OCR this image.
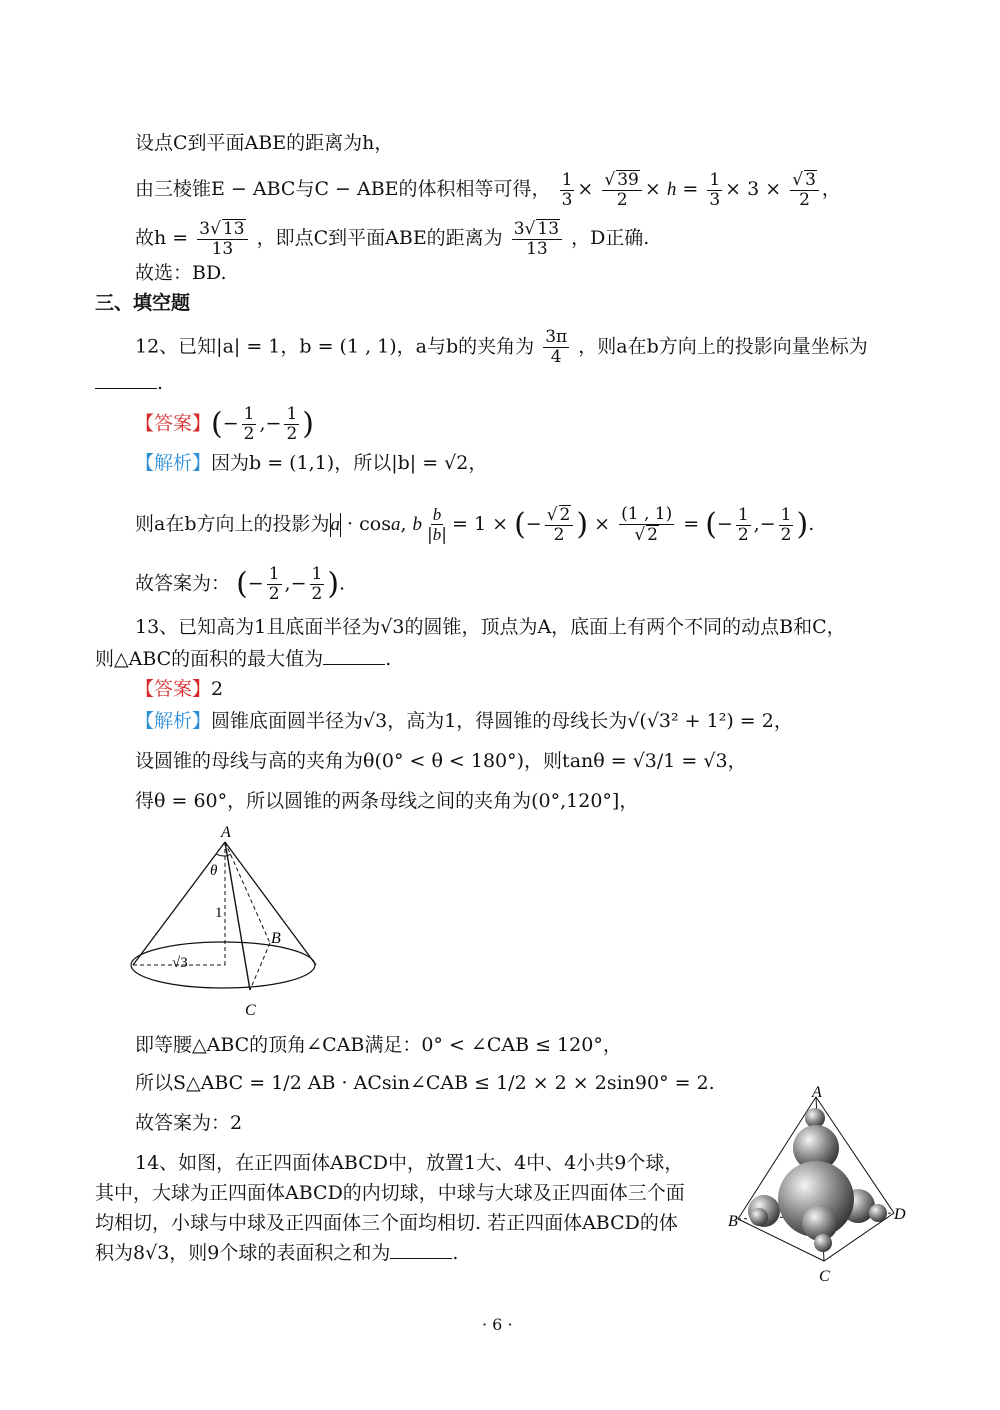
设点C到平面ABE的距离为h，
由三棱锥E − ABC与C − ABE的体积相等可得， $\frac{1}{3} \times \frac{√ 39}{2} \times h = \frac{1}{3} \times 3 \times \frac{√ 3}{2}$ ，
故$h = \frac{3√ 13}{13}$ ，即点C到平面ABE的距离为 $\frac{3√ 13}{13}$ ，D正确.
故选：BD.
三、填空题
12、已知|a| = 1，b = (1 , 1)，a与b的夹角为 $\frac{3\pi}{4}$ ，则a在b方向上的投影向量坐标为
.
【答案】(− $\frac{1}{2}$ ,− $\frac{1}{2}$ )
【解析】因为b = (1,1)，所以|b| = √2，
则a在b方向上的投影为a · cosa, b $\frac{b}{|b|} = 1$ × (− $\frac{√ 2}{2}$ ) × $\frac{(1 , 1)}{√ 2}$ = (− $\frac{1}{2}$ ,− $\frac{1}{2}$ ).
故答案为： (− $\frac{1}{2}$ ,− $\frac{1}{2}$ ).
13、已知高为1且底面半径为√3的圆锥，顶点为A，底面上有两个不同的动点B和C，
则△ABC的面积的最大值为	.
【答案】2
【解析】圆锥底面圆半径为√3，高为1，得圆锥的母线长为√(√3² + 1²) = 2，
设圆锥的母线与高的夹角为θ(0° < θ < 180°)，则tanθ = √3/1 = √3，
得θ = 60°，所以圆锥的两条母线之间的夹角为(0°,120°]，
A
θ
1
B
C
√3
即等腰△ABC的顶角∠CAB满足：0° < ∠CAB ≤ 120°，
所以S△ABC = 1/2 AB · ACsin∠CAB ≤ 1/2 × 2 × 2sin90° = 2.
故答案为：2
14、如图，在正四面体ABCD中，放置1大、4中、4小共9个球，
其中，大球为正四面体ABCD的内切球，中球与大球及正四面体三个面
均相切，小球与中球及正四面体三个面均相切. 若正四面体ABCD的体
积为8√3，则9个球的表面积之和为	.
A
B
C
D
· 6 ·
